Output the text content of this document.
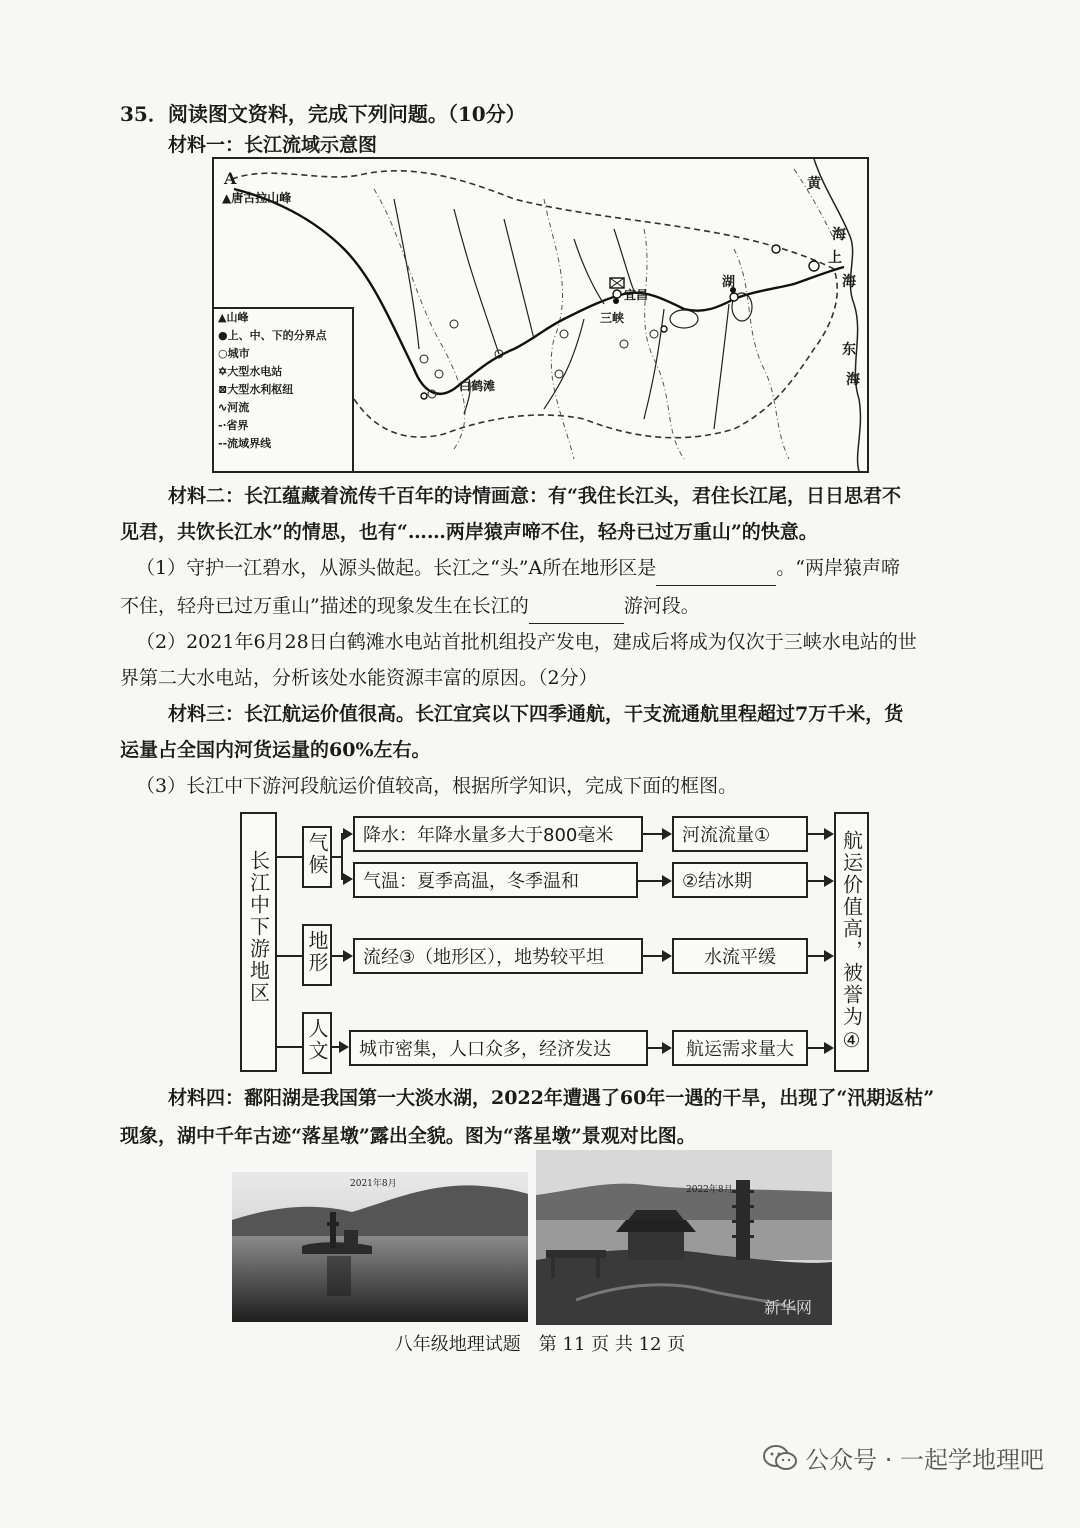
35．阅读图文资料，完成下列问题。（10分）
材料一：长江流域示意图
A
▲唐古拉山峰
黄
海
上
海
东
海
湖
宜昌
三峡
白鹤滩
▲山峰
●上、中、下的分界点
○城市
✡大型水电站
⊠大型水利枢纽
∿河流
-·省界
--流域界线
材料二：长江蕴藏着流传千百年的诗情画意：有“我住长江头，君住长江尾，日日思君不
见君，共饮长江水”的情思，也有“……两岸猿声啼不住，轻舟已过万重山”的快意。
（1）守护一江碧水，从源头做起。长江之“头”A所在地形区是	。“两岸猿声啼
不住，轻舟已过万重山”描述的现象发生在长江的	游河段。
（2）2021年6月28日白鹤滩水电站首批机组投产发电，建成后将成为仅次于三峡水电站的世
界第二大水电站，分析该处水能资源丰富的原因。（2分）
材料三：长江航运价值很高。长江宜宾以下四季通航，干支流通航里程超过7万千米，货
运量占全国内河货运量的60%左右。
（3）长江中下游河段航运价值较高，根据所学知识，完成下面的框图。
长江中下游地区	气候
地形
人文
降水：年降水量多大于800毫米
气温：夏季高温，冬季温和
流经③（地形区），地势较平坦
城市密集，人口众多，经济发达
河流流量①
②结冰期
水流平缓
航运需求量大 航运价值高，被誉为④
材料四：鄱阳湖是我国第一大淡水湖，2022年遭遇了60年一遇的干旱，出现了“汛期返枯”
现象，湖中千年古迹“落星墩”露出全貌。图为“落星墩”景观对比图。
2021年8月
2022年8月
新华网
八年级地理试题　第 11 页 共 12 页
公众号 · 一起学地理吧
